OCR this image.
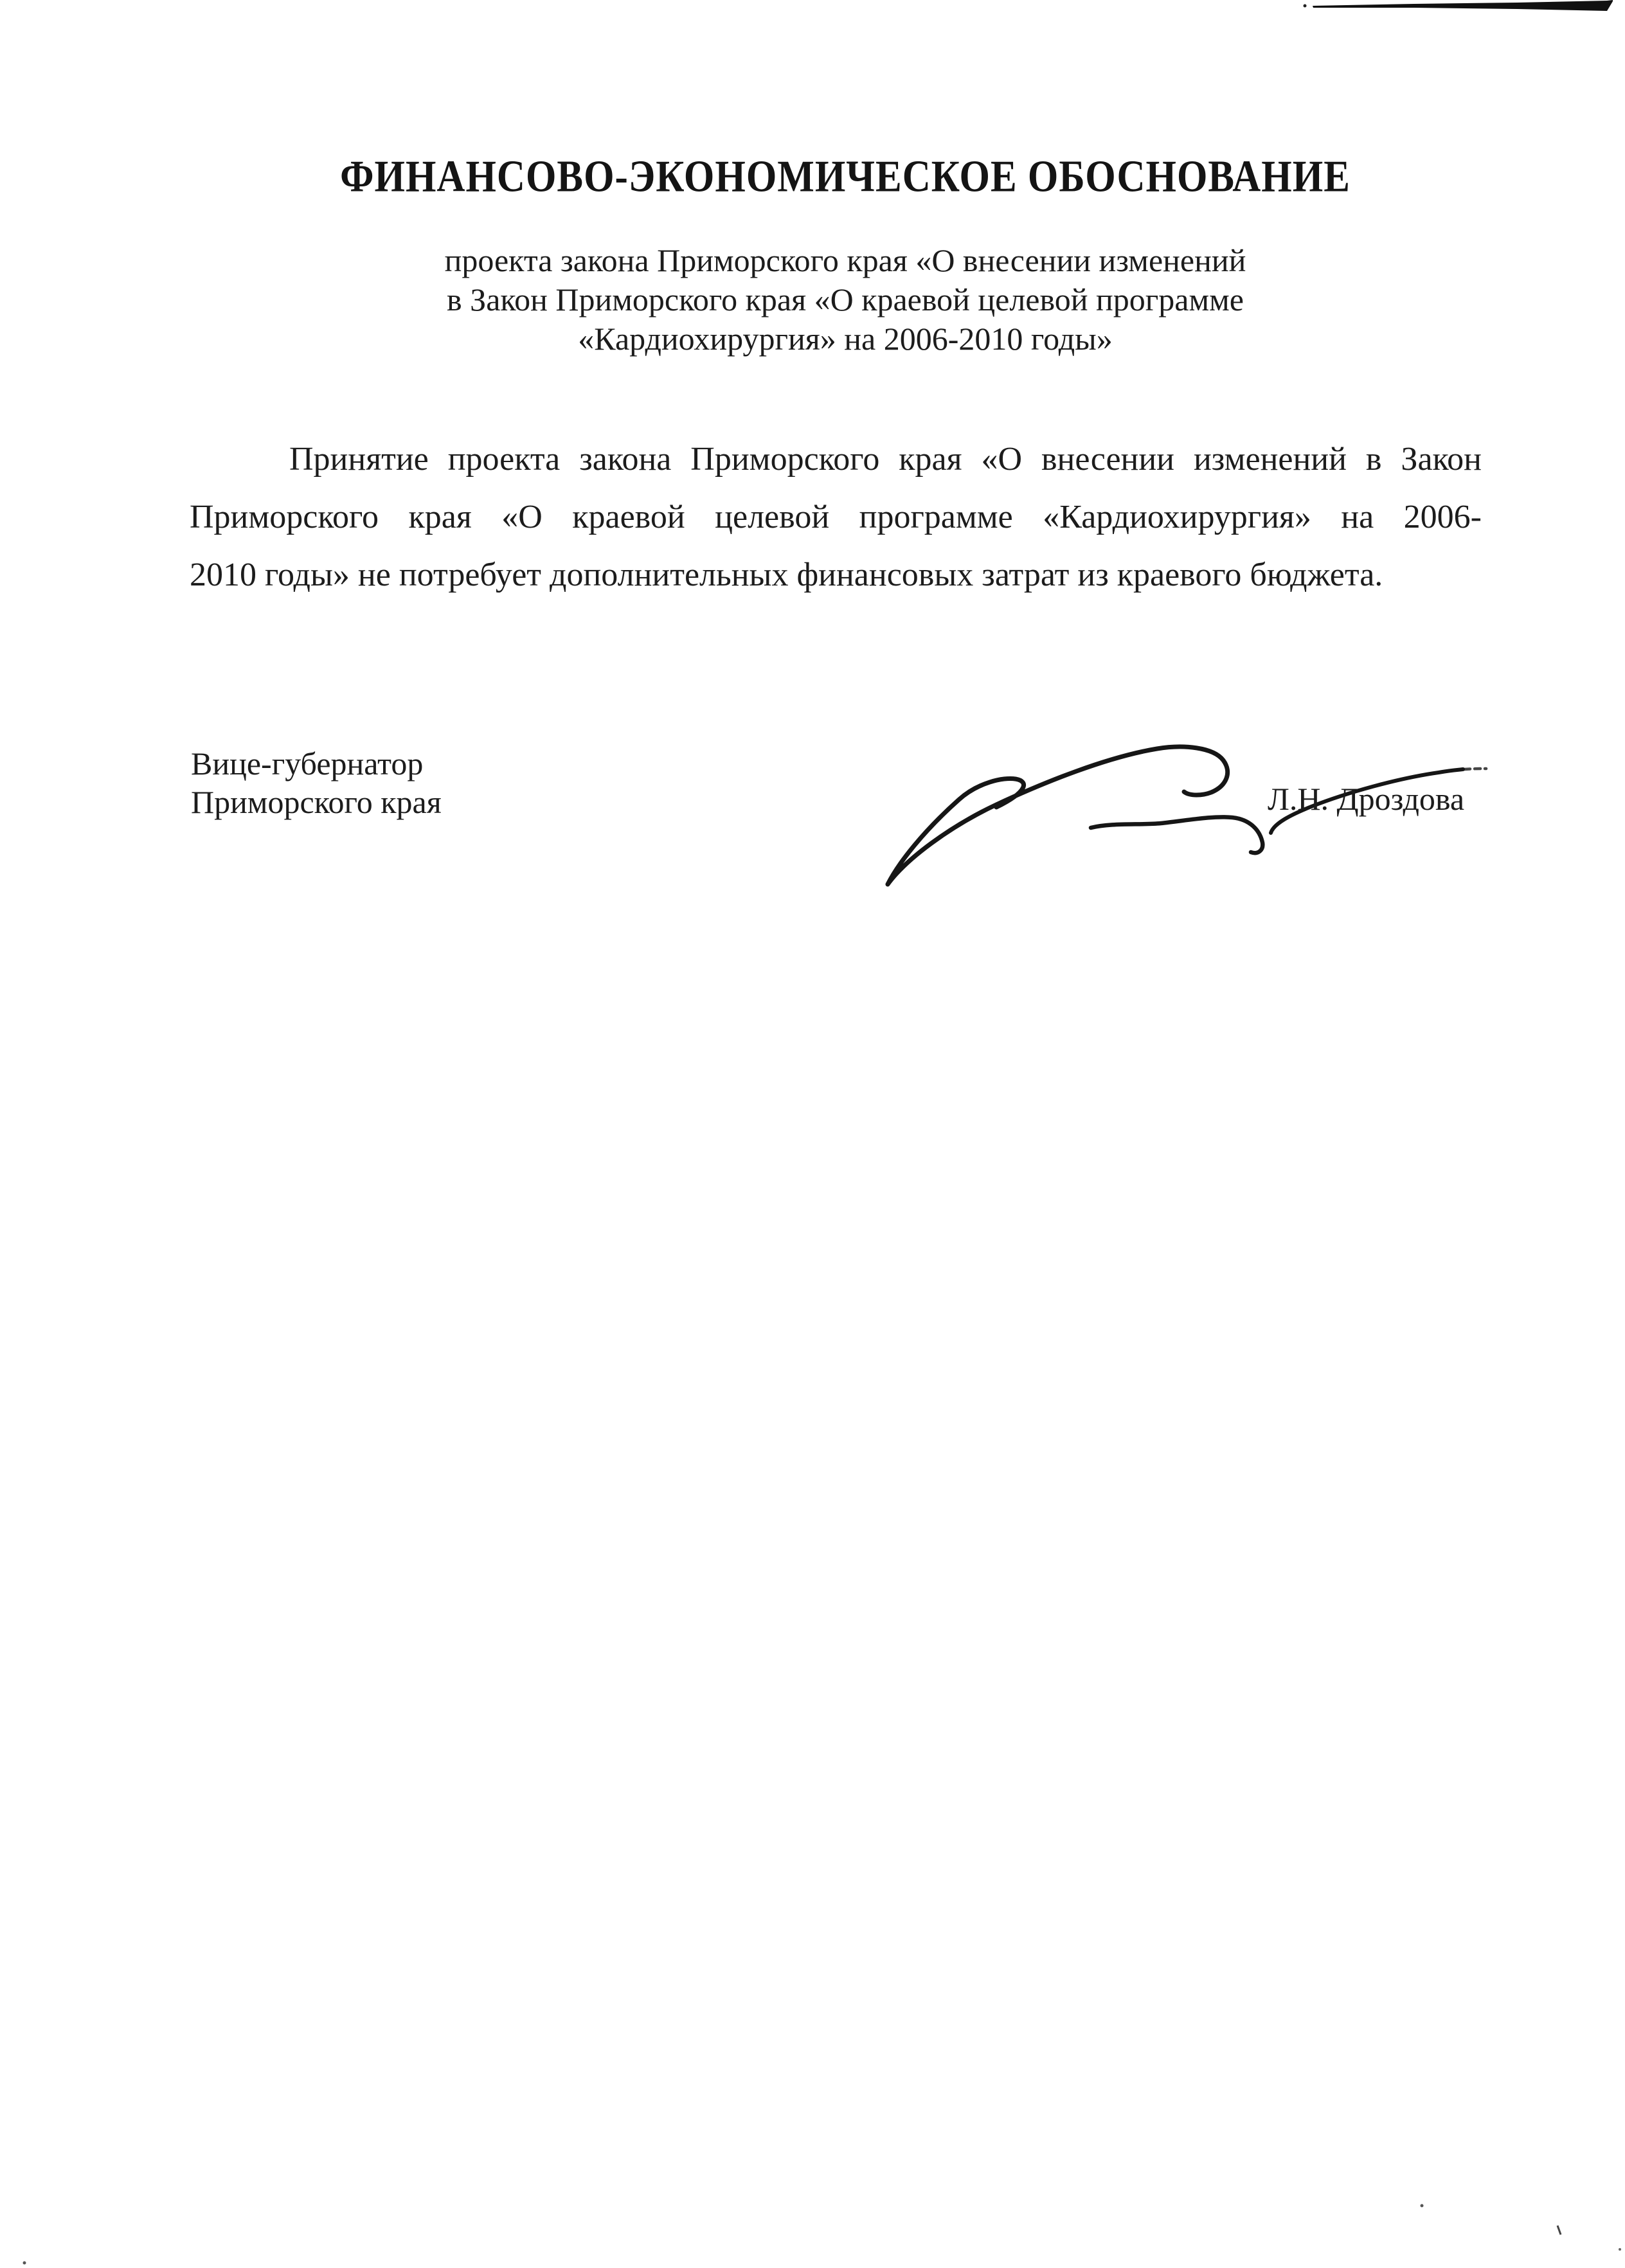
ФИНАНСОВО-ЭКОНОМИЧЕСКОЕ ОБОСНОВАНИЕ
проекта закона Приморского края «О внесении изменений
в Закон Приморского края «О краевой целевой программе
«Кардиохирургия» на 2006-2010 годы»
Принятие проекта закона Приморского края «О внесении изменений в Закон
Приморского края «О краевой целевой программе «Кардиохирургия» на 2006-
2010 годы» не потребует дополнительных финансовых затрат из краевого бюджета.
Вице-губернатор
Приморского края	Л.Н. Дроздова
